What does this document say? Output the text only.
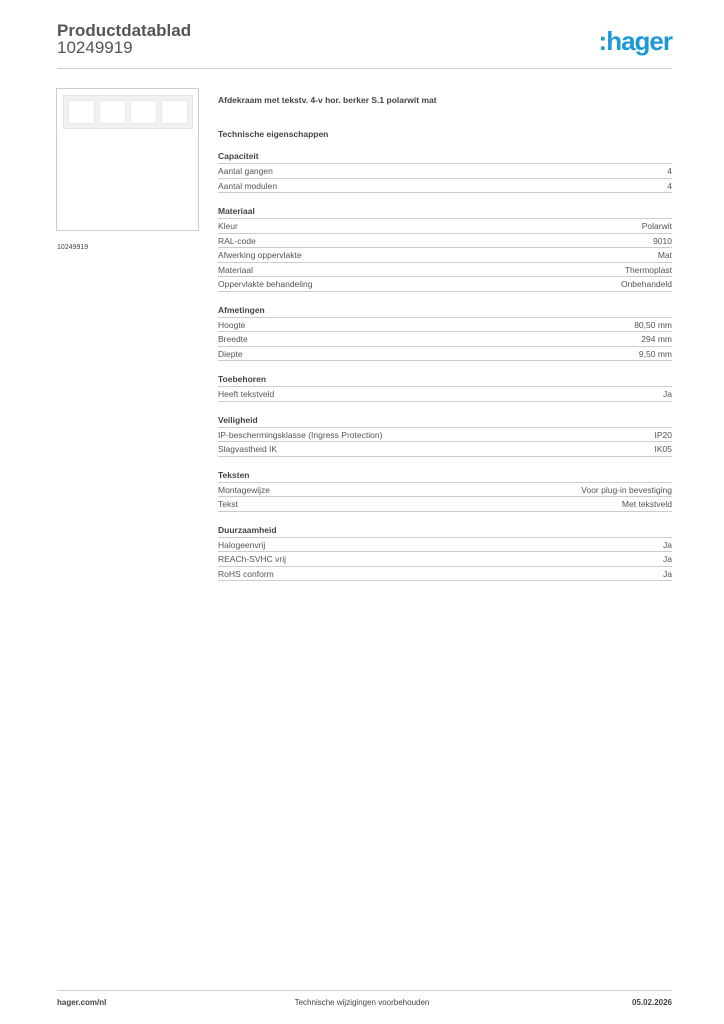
Productdatablad
10249919	:hager
10249919
Afdekraam met tekstv. 4-v hor. berker S.1 polarwit mat
Technische eigenschappen
Capaciteit
Aantal gangen	4
Aantal modulen	4
Materiaal
Kleur	Polarwit
RAL-code	9010
Afwerking oppervlakte	Mat
Materiaal	Thermoplast
Oppervlakte behandeling	Onbehandeld
Afmetingen
Hoogte	80,50 mm
Breedte	294 mm
Diepte	9,50 mm
Toebehoren
Heeft tekstveld	Ja
Veiligheid
IP-beschermingsklasse (Ingress Protection)	IP20
Slagvastheid IK	IK05
Teksten
Montagewijze	Voor plug-in bevestiging
Tekst	Met tekstveld
Duurzaamheid
Halogeenvrij	Ja
REACh-SVHC vrij	Ja
RoHS conform	Ja
hager.com/nl	Technische wijzigingen voorbehouden	05.02.2026
